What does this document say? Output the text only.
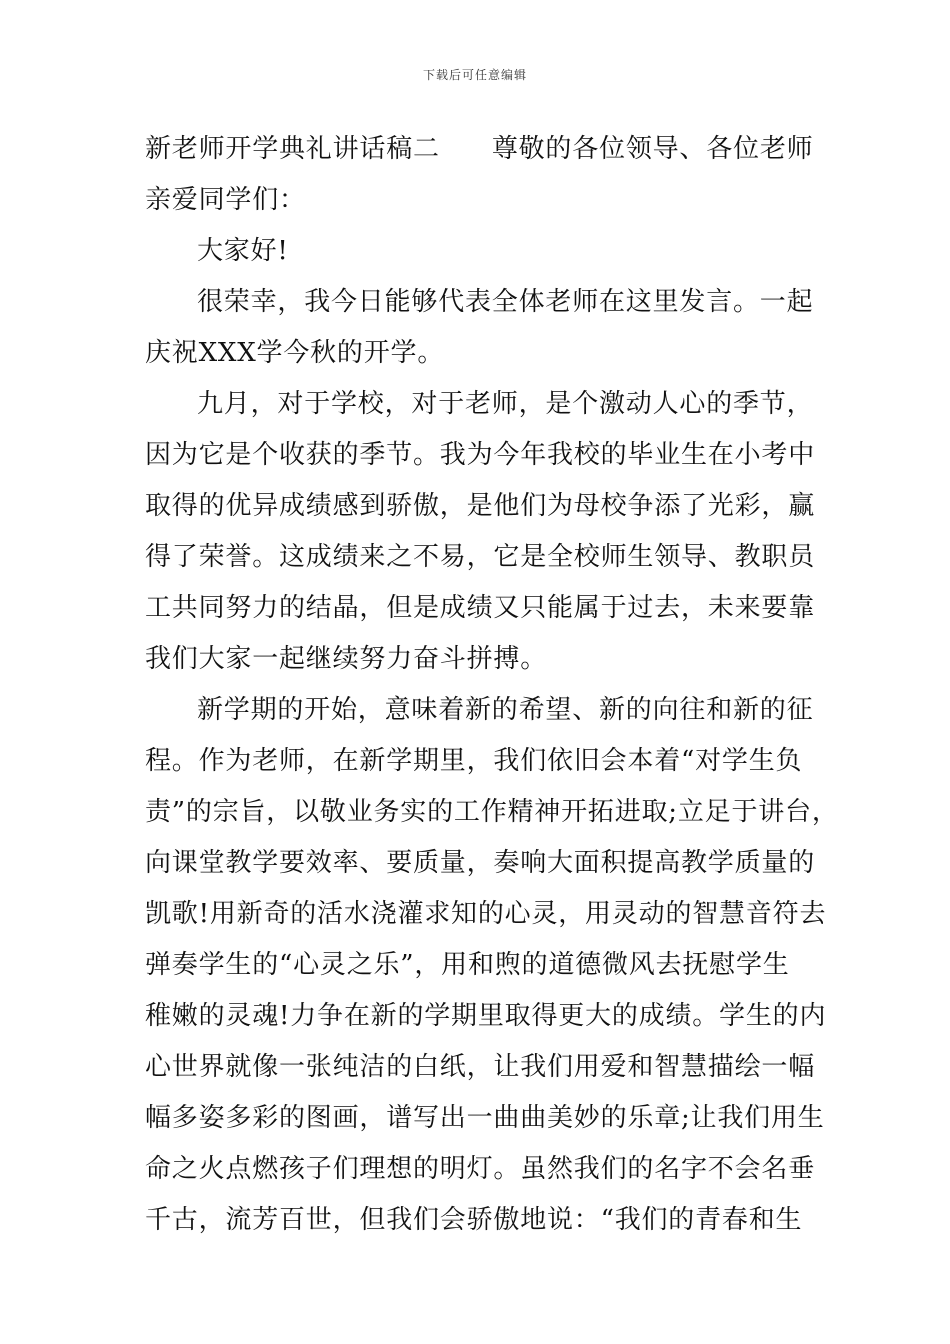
下载后可任意编辑
新老师开学典礼讲话稿二 尊敬的各位领导、各位老师
亲爱同学们：
大家好!
很荣幸，我今日能够代表全体老师在这里发言。一起
庆祝XXX学今秋的开学。
九月，对于学校，对于老师，是个激动人心的季节，
因为它是个收获的季节。我为今年我校的毕业生在小考中
取得的优异成绩感到骄傲，是他们为母校争添了光彩，赢
得了荣誉。这成绩来之不易，它是全校师生领导、教职员
工共同努力的结晶，但是成绩又只能属于过去，未来要靠
我们大家一起继续努力奋斗拼搏。
新学期的开始，意味着新的希望、新的向往和新的征
程。作为老师，在新学期里，我们依旧会本着“对学生负
责”的宗旨，以敬业务实的工作精神开拓进取;立足于讲台，
向课堂教学要效率、要质量，奏响大面积提高教学质量的
凯歌!用新奇的活水浇灌求知的心灵，用灵动的智慧音符去
弹奏学生的“心灵之乐”，用和煦的道德微风去抚慰学生
稚嫩的灵魂!力争在新的学期里取得更大的成绩。学生的内
心世界就像一张纯洁的白纸，让我们用爱和智慧描绘一幅
幅多姿多彩的图画，谱写出一曲曲美妙的乐章;让我们用生
命之火点燃孩子们理想的明灯。虽然我们的名字不会名垂
千古，流芳百世，但我们会骄傲地说：“我们的青春和生
